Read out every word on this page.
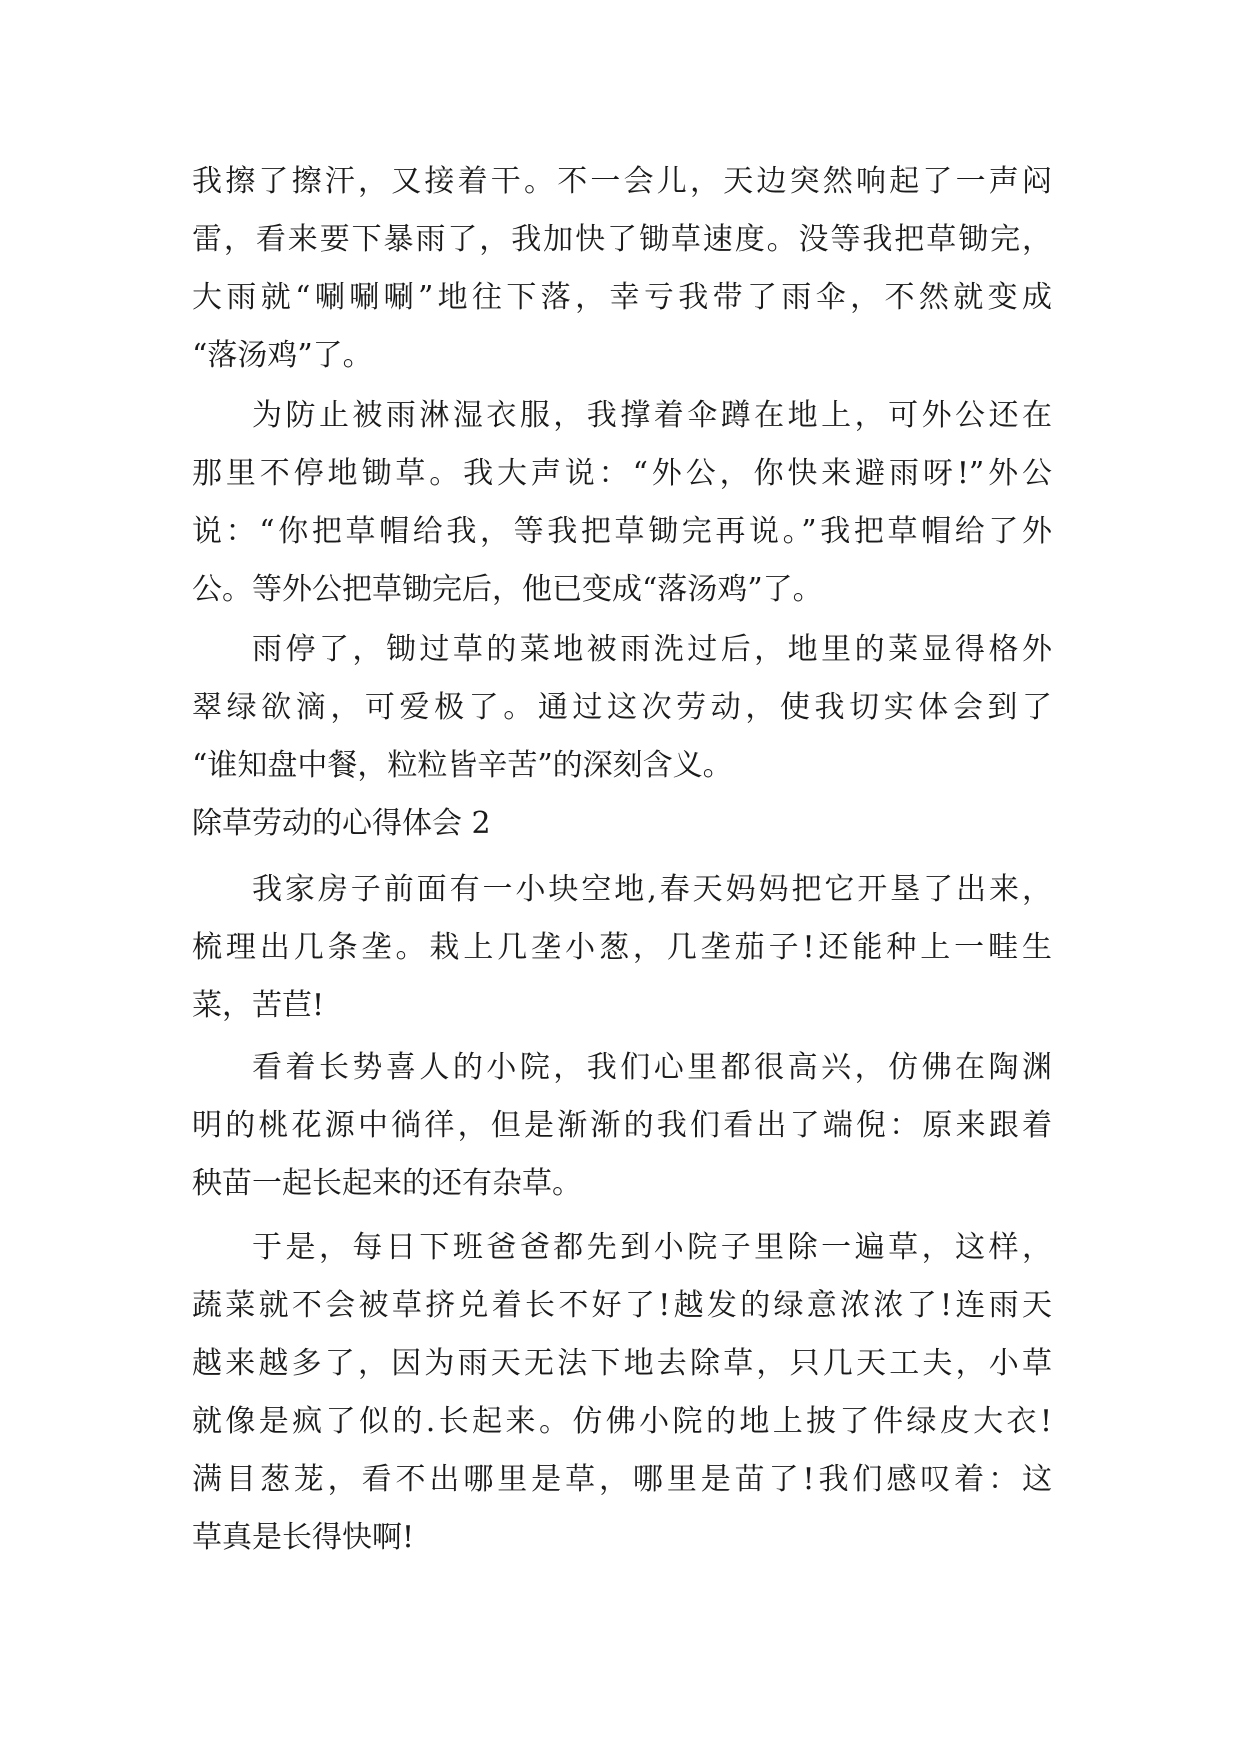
我擦了擦汗，又接着干。不一会儿，天边突然响起了一声闷
雷，看来要下暴雨了，我加快了锄草速度。没等我把草锄完，
大雨就“唰唰唰”地往下落，幸亏我带了雨伞，不然就变成
“落汤鸡”了。
为防止被雨淋湿衣服，我撑着伞蹲在地上，可外公还在
那里不停地锄草。我大声说：“外公，你快来避雨呀!”外公
说：“你把草帽给我，等我把草锄完再说。”我把草帽给了外
公。等外公把草锄完后，他已变成“落汤鸡”了。
雨停了，锄过草的菜地被雨洗过后，地里的菜显得格外
翠绿欲滴，可爱极了。通过这次劳动，使我切实体会到了
“谁知盘中餐，粒粒皆辛苦”的深刻含义。
除草劳动的心得体会 2
我家房子前面有一小块空地,春天妈妈把它开垦了出来，
梳理出几条垄。栽上几垄小葱，几垄茄子!还能种上一畦生
菜，苦苣!
看着长势喜人的小院，我们心里都很高兴，仿佛在陶渊
明的桃花源中徜徉，但是渐渐的我们看出了端倪：原来跟着
秧苗一起长起来的还有杂草。
于是，每日下班爸爸都先到小院子里除一遍草，这样，
蔬菜就不会被草挤兑着长不好了!越发的绿意浓浓了!连雨天
越来越多了，因为雨天无法下地去除草，只几天工夫，小草
就像是疯了似的.长起来。仿佛小院的地上披了件绿皮大衣!
满目葱茏，看不出哪里是草，哪里是苗了!我们感叹着：这
草真是长得快啊!
